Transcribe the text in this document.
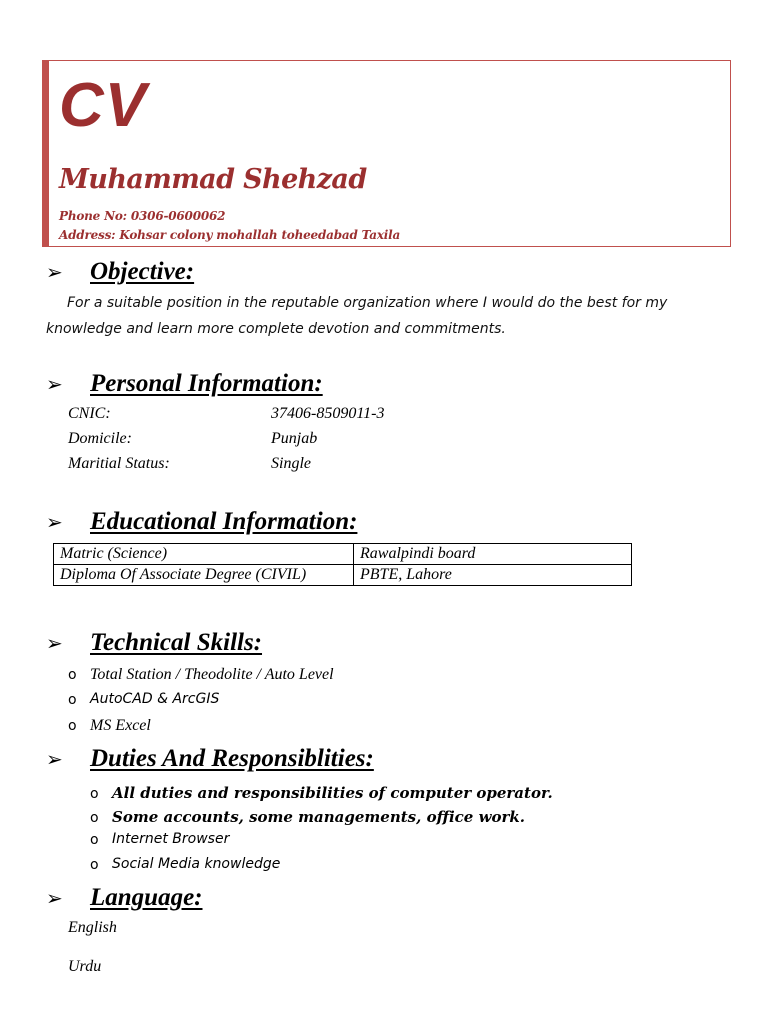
CV
Muhammad Shehzad
Phone No: 0306-0600062
Address: Kohsar colony mohallah toheedabad Taxila
➢	Objective:

For a suitable position in the reputable organization where I would do the best for my knowledge and learn more complete devotion and commitments.

➢	Personal Information:
CNIC:	37406-8509011-3
Domicile:	Punjab
Maritial Status:	Single
➢	Educational Information:
Matric (Science)	Rawalpindi board
Diploma Of Associate Degree (CIVIL)	PBTE, Lahore
➢	Technical Skills:
o Total Station / Theodolite / Auto Level
o AutoCAD & ArcGIS
o MS Excel
➢	Duties And Responsiblities:
o All duties and responsibilities of computer operator.
o Some accounts, some managements, office work.
o Internet Browser
o Social Media knowledge
➢	Language:
English
Urdu
